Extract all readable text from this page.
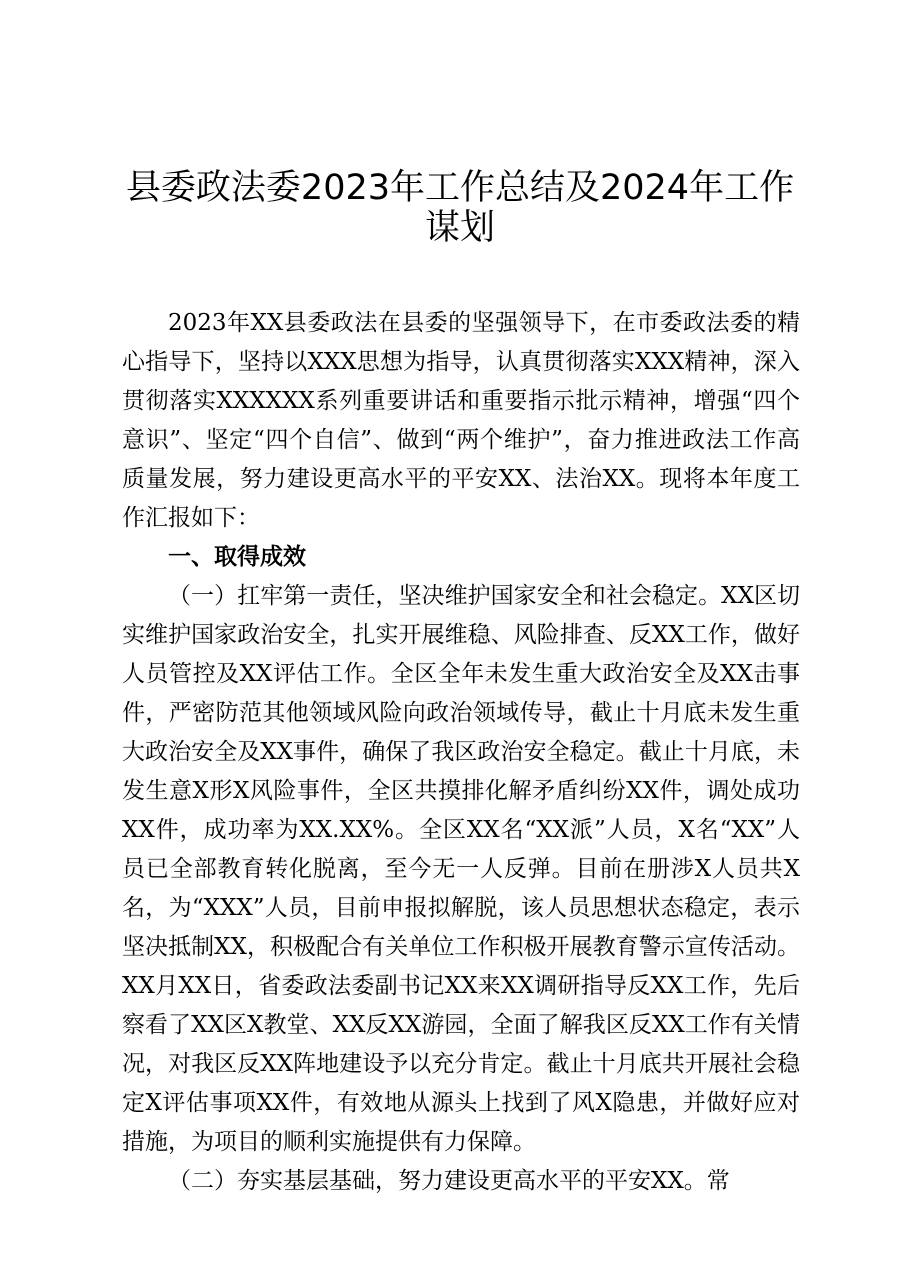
县委政法委2023年工作总结及2024年工作
谋划

2023年XX县委政法在县委的坚强领导下，在市委政法委的精心指导下，坚持以XXX思想为指导，认真贯彻落实XXX精神，深入贯彻落实XXXXXX系列重要讲话和重要指示批示精神，增强“四个意识”、坚定“四个自信”、做到“两个维护”，奋力推进政法工作高质量发展，努力建设更高水平的平安XX、法治XX。现将本年度工作汇报如下：

一、取得成效

（一）扛牢第一责任，坚决维护国家安全和社会稳定。XX区切实维护国家政治安全，扎实开展维稳、风险排查、反XX工作，做好人员管控及XX评估工作。全区全年未发生重大政治安全及XX击事件，严密防范其他领域风险向政治领域传导，截止十月底未发生重大政治安全及XX事件，确保了我区政治安全稳定。截止十月底，未发生意X形X风险事件，全区共摸排化解矛盾纠纷XX件，调处成功XX件，成功率为XX.XX%。全区XX名“XX派”人员，X名“XX”人员已全部教育转化脱离，至今无一人反弹。目前在册涉X人员共X名，为“XXX”人员，目前申报拟解脱，该人员思想状态稳定，表示坚决抵制XX，积极配合有关单位工作积极开展教育警示宣传活动。XX月XX日，省委政法委副书记XX来XX调研指导反XX工作，先后察看了XX区X教堂、XX反XX游园，全面了解我区反XX工作有关情况，对我区反XX阵地建设予以充分肯定。截止十月底共开展社会稳定X评估事项XX件，有效地从源头上找到了风X隐患，并做好应对措施，为项目的顺利实施提供有力保障。

（二）夯实基层基础，努力建设更高水平的平安XX。常
